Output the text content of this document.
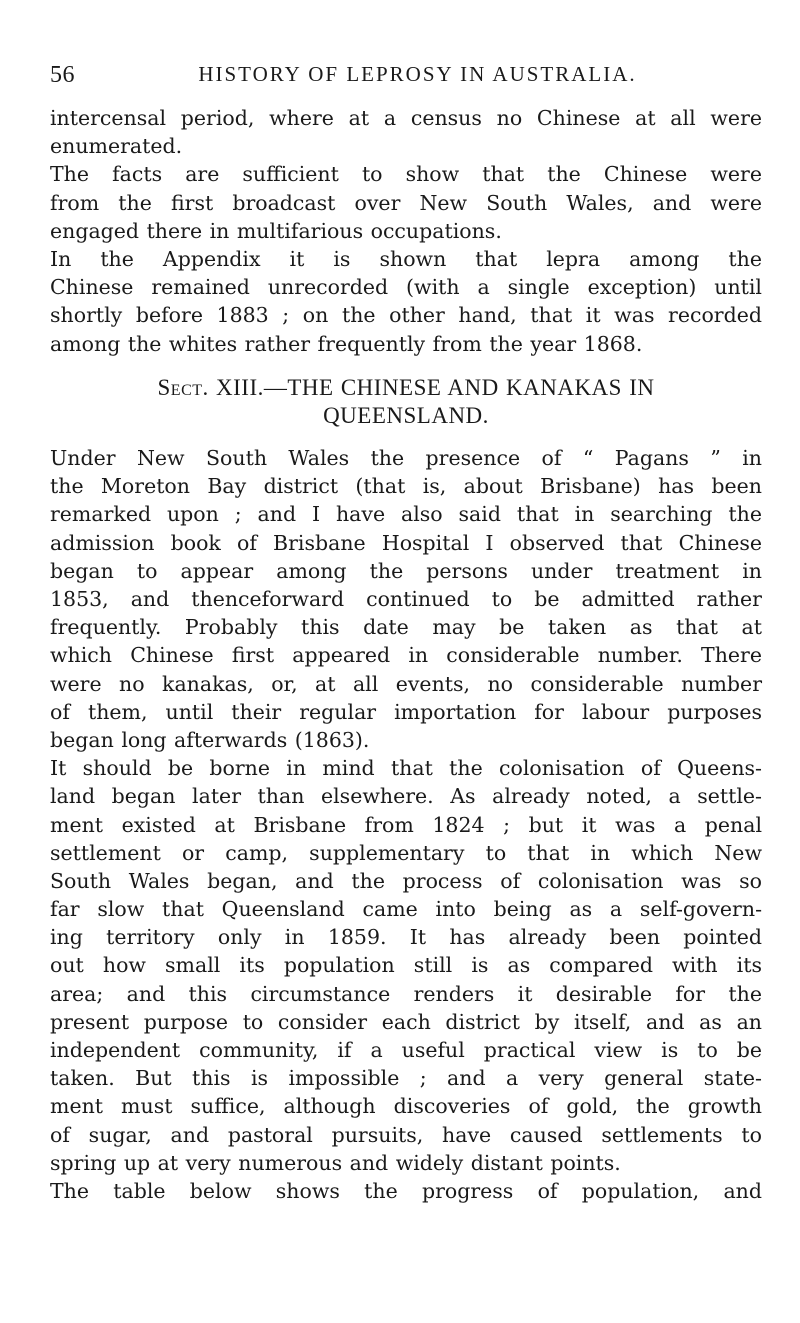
56	HISTORY OF LEPROSY IN AUSTRALIA.
intercensal period, where at a census no Chinese at all were
enumerated.
The facts are sufficient to show that the Chinese were
from the first broadcast over New South Wales, and were
engaged there in multifarious occupations.
In the Appendix it is shown that lepra among the
Chinese remained unrecorded (with a single exception) until
shortly before 1883 ; on the other hand, that it was recorded
among the whites rather frequently from the year 1868.
Sect. XIII.—THE CHINESE AND KANAKAS IN
QUEENSLAND.
Under New South Wales the presence of “ Pagans ” in
the Moreton Bay district (that is, about Brisbane) has been
remarked upon ; and I have also said that in searching the
admission book of Brisbane Hospital I observed that Chinese
began to appear among the persons under treatment in
1853, and thenceforward continued to be admitted rather
frequently. Probably this date may be taken as that at
which Chinese first appeared in considerable number. There
were no kanakas, or, at all events, no considerable number
of them, until their regular importation for labour purposes
began long afterwards (1863).
It should be borne in mind that the colonisation of Queens-
land began later than elsewhere. As already noted, a settle-
ment existed at Brisbane from 1824 ; but it was a penal
settlement or camp, supplementary to that in which New
South Wales began, and the process of colonisation was so
far slow that Queensland came into being as a self-govern-
ing territory only in 1859. It has already been pointed
out how small its population still is as compared with its
area; and this circumstance renders it desirable for the
present purpose to consider each district by itself, and as an
independent community, if a useful practical view is to be
taken. But this is impossible ; and a very general state-
ment must suffice, although discoveries of gold, the growth
of sugar, and pastoral pursuits, have caused settlements to
spring up at very numerous and widely distant points.
The table below shows the progress of population, and
